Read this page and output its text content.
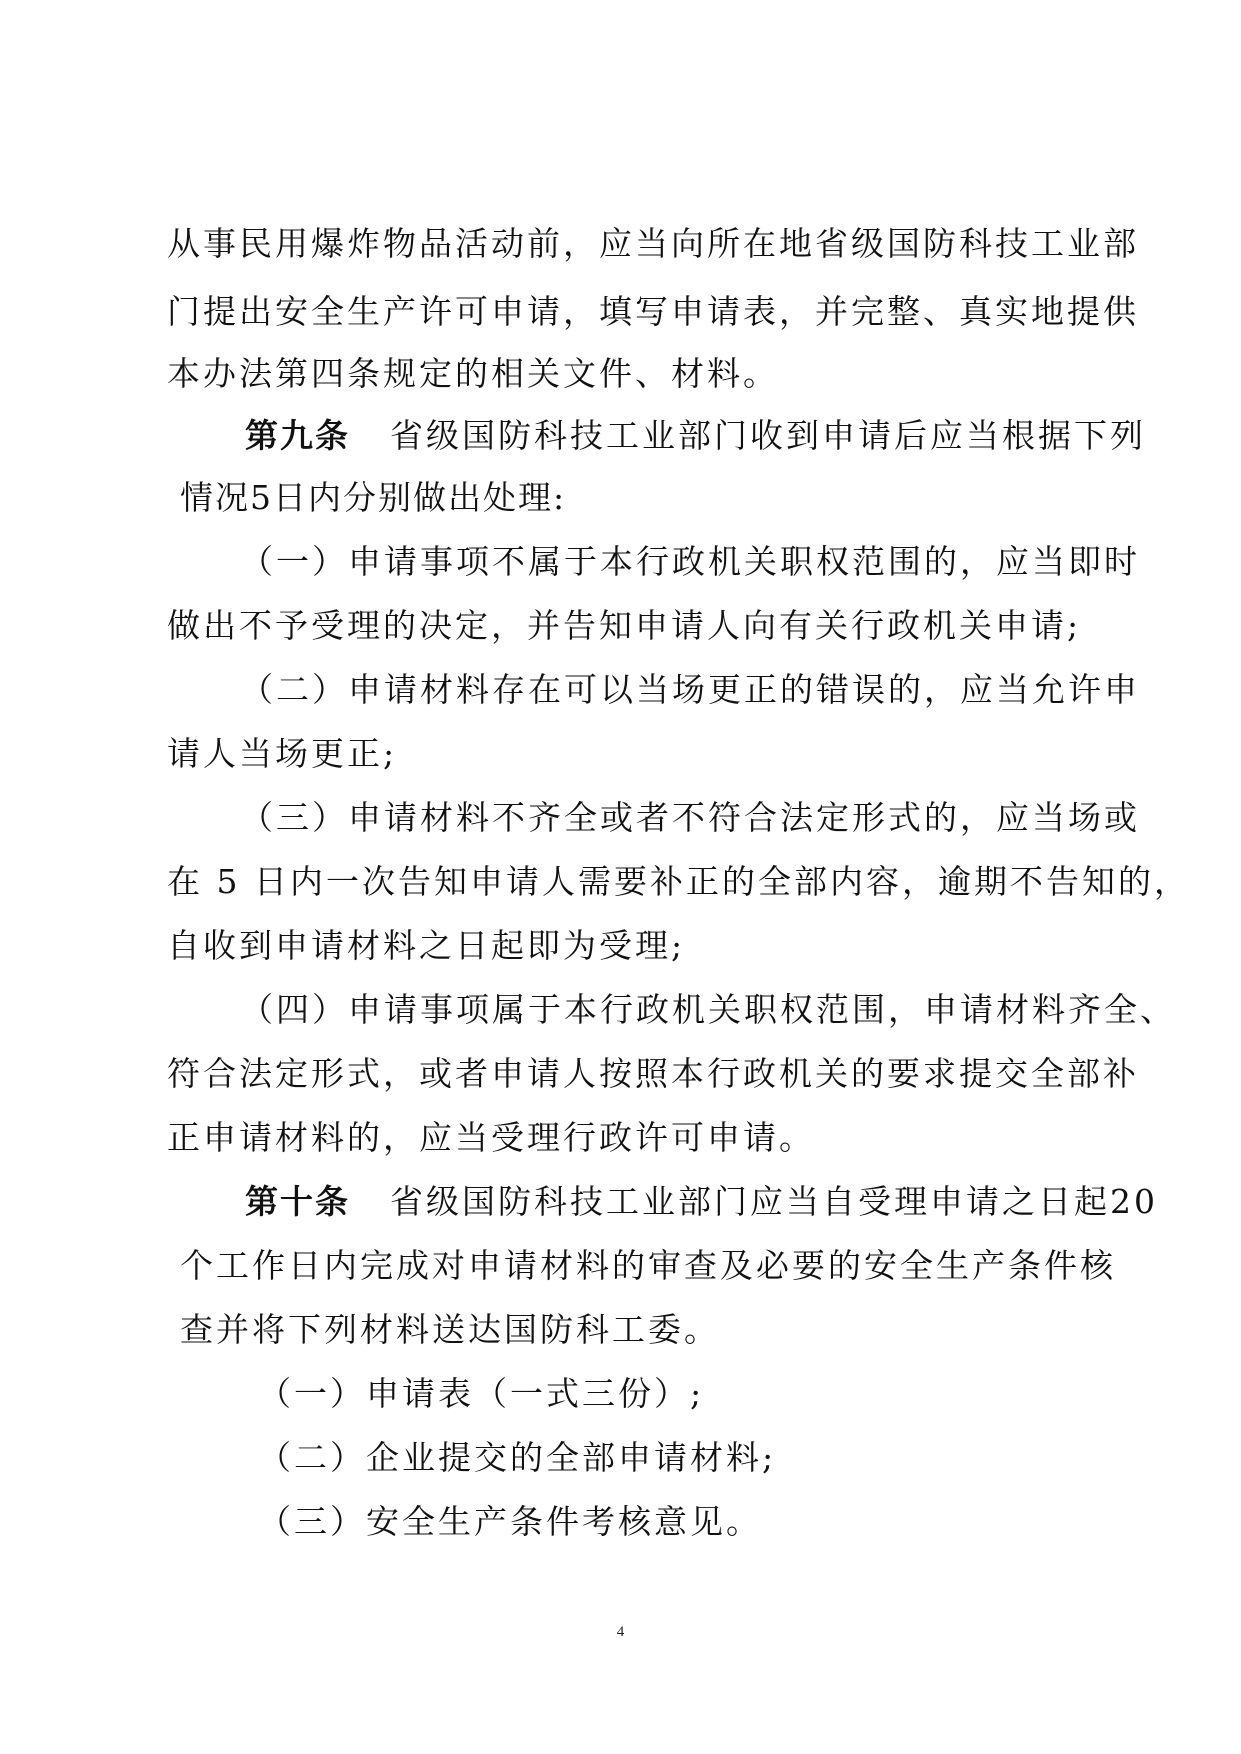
从事民用爆炸物品活动前，应当向所在地省级国防科技工业部
门提出安全生产许可申请，填写申请表，并完整、真实地提供
本办法第四条规定的相关文件、材料。
第九条 省级国防科技工业部门收到申请后应当根据下列
情况5日内分别做出处理:
（一）申请事项不属于本行政机关职权范围的，应当即时
做出不予受理的决定，并告知申请人向有关行政机关申请;
（二）申请材料存在可以当场更正的错误的，应当允许申
请人当场更正;
（三）申请材料不齐全或者不符合法定形式的，应当场或
在 5 日内一次告知申请人需要补正的全部内容，逾期不告知的，
自收到申请材料之日起即为受理;
（四）申请事项属于本行政机关职权范围，申请材料齐全、
符合法定形式，或者申请人按照本行政机关的要求提交全部补
正申请材料的，应当受理行政许可申请。
第十条 省级国防科技工业部门应当自受理申请之日起20
个工作日内完成对申请材料的审查及必要的安全生产条件核
查并将下列材料送达国防科工委。
（一）申请表（一式三份）;
（二）企业提交的全部申请材料;
（三）安全生产条件考核意见。
4
